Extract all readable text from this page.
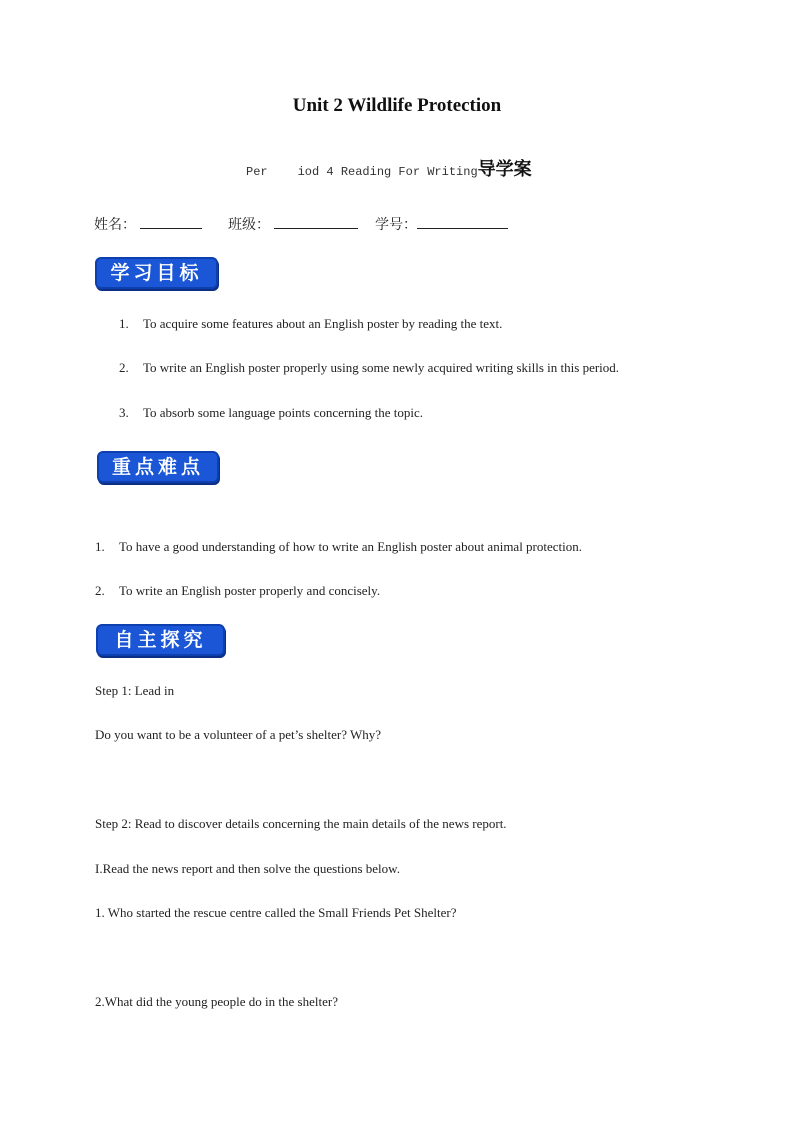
Unit 2 Wildlife Protection
Per	iod 4 Reading For Writing导学案
姓名：	班级：	学号：
学习目标
1. To acquire some features about an English poster by reading the text.
2. To write an English poster properly using some newly acquired writing skills in this period.
3. To absorb some language points concerning the topic.
重点难点
1. To have a good understanding of how to write an English poster about animal protection.
2. To write an English poster properly and concisely.
自主探究
Step 1: Lead in
Do you want to be a volunteer of a pet’s shelter? Why?
Step 2: Read to discover details concerning the main details of the news report.
I.Read the news report and then solve the questions below.
1. Who started the rescue centre called the Small Friends Pet Shelter?
2.What did the young people do in the shelter?
